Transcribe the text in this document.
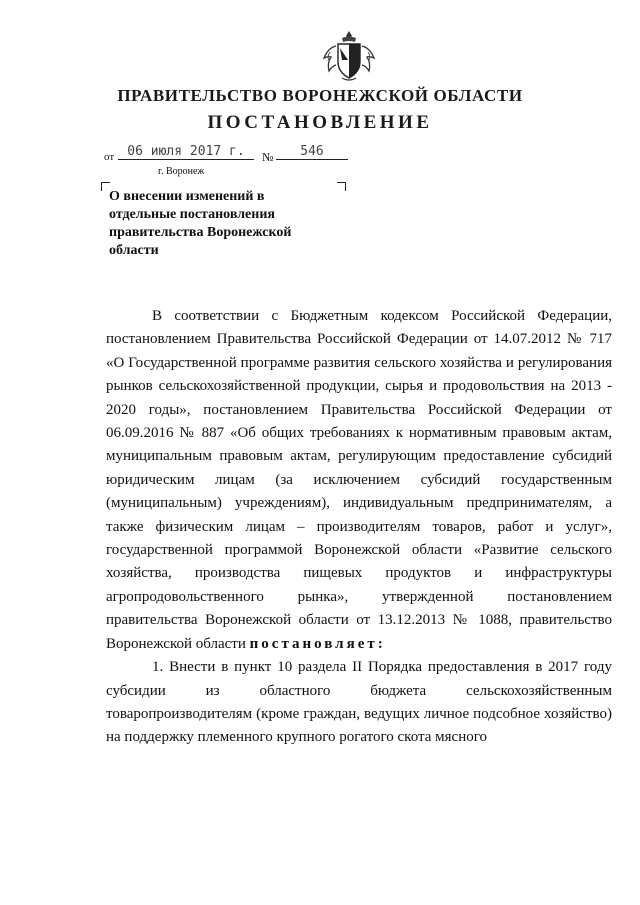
ПРАВИТЕЛЬСТВО ВОРОНЕЖСКОЙ ОБЛАСТИ
ПОСТАНОВЛЕНИЕ
от	06 июля 2017 г.	№	546
г. Воронеж
О внесении изменений в отдельные постановления правительства Воронежской области

В соответствии с Бюджетным кодексом Российской Федерации, постановлением Правительства Российской Федерации от 14.07.2012 № 717 «О Государственной программе развития сельского хозяйства и регулирования рынков сельскохозяйственной продукции, сырья и продовольствия на 2013 - 2020 годы», постановлением Правительства Российской Федерации от 06.09.2016 № 887 «Об общих требованиях к нормативным правовым актам, муниципальным правовым актам, регулирующим предоставление субсидий юридическим лицам (за исключением субсидий государственным (муниципальным) учреждениям), индивидуальным предпринимателям, а также физическим лицам – производителям товаров, работ и услуг», государственной программой Воронежской области «Развитие сельского хозяйства, производства пищевых продуктов и инфраструктуры агропродовольственного рынка», утвержденной постановлением правительства Воронежской области от 13.12.2013 № 1088, правительство Воронежской области постановляет:

1. Внести в пункт 10 раздела II Порядка предоставления в 2017 году субсидии из областного бюджета сельскохозяйственным товаропроизводителям (кроме граждан, ведущих личное подсобное хозяйство) на поддержку племенного крупного рогатого скота мясного
